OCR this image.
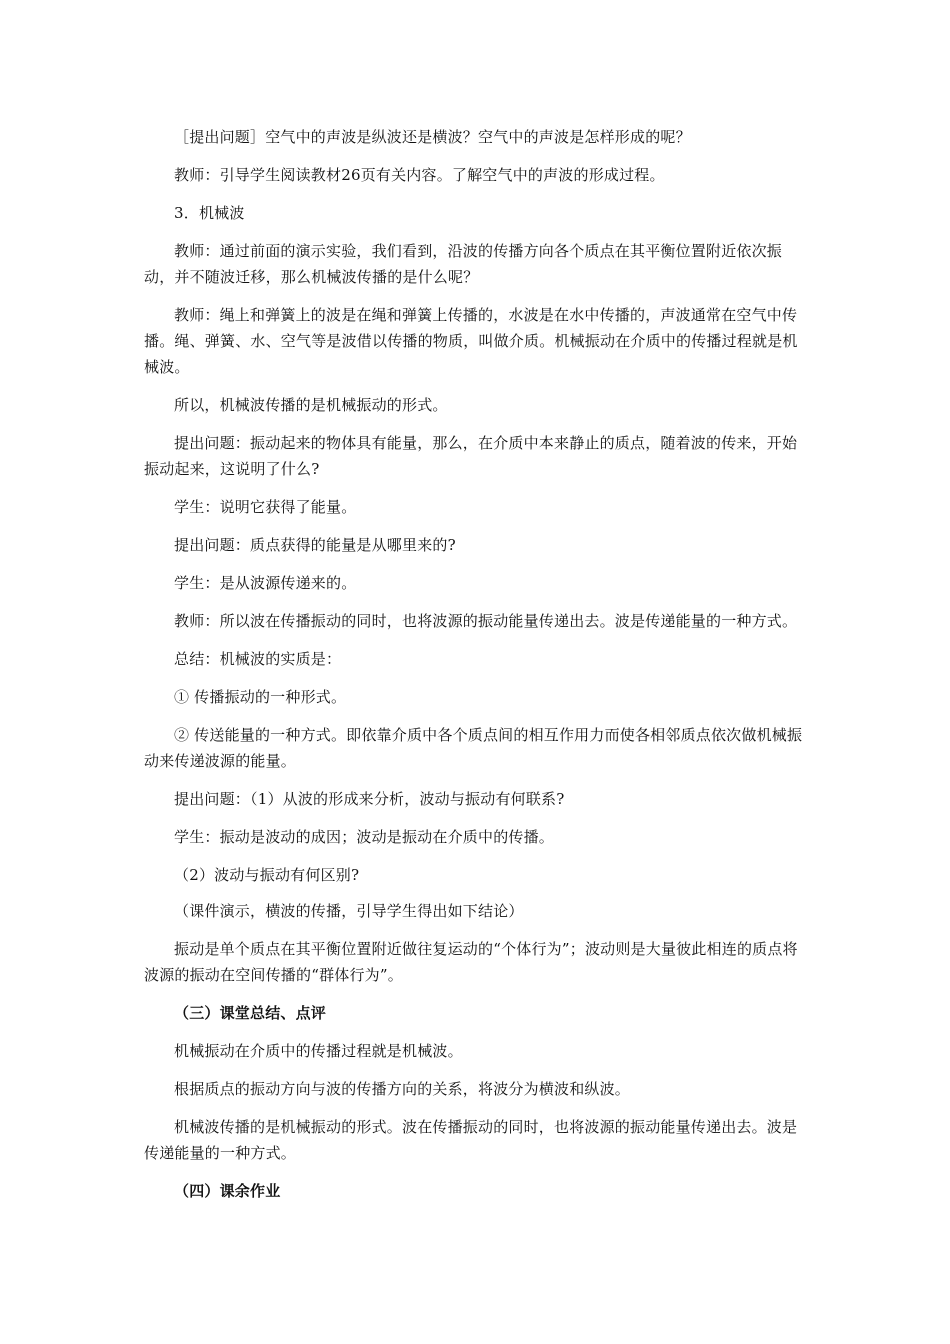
［提出问题］空气中的声波是纵波还是横波？空气中的声波是怎样形成的呢？

教师：引导学生阅读教材26页有关内容。了解空气中的声波的形成过程。

3．机械波

教师：通过前面的演示实验，我们看到，沿波的传播方向各个质点在其平衡位置附近依次振动，并不随波迁移，那么机械波传播的是什么呢？

教师：绳上和弹簧上的波是在绳和弹簧上传播的，水波是在水中传播的，声波通常在空气中传播。绳、弹簧、水、空气等是波借以传播的物质，叫做介质。机械振动在介质中的传播过程就是机械波。

所以，机械波传播的是机械振动的形式。

提出问题：振动起来的物体具有能量，那么，在介质中本来静止的质点，随着波的传来，开始振动起来，这说明了什么?

学生：说明它获得了能量。

提出问题：质点获得的能量是从哪里来的?

学生：是从波源传递来的。

教师：所以波在传播振动的同时，也将波源的振动能量传递出去。波是传递能量的一种方式。

总结：机械波的实质是：

① 传播振动的一种形式。

② 传送能量的一种方式。即依靠介质中各个质点间的相互作用力而使各相邻质点依次做机械振动来传递波源的能量。

提出问题：（1）从波的形成来分析，波动与振动有何联系?

学生：振动是波动的成因；波动是振动在介质中的传播。

（2）波动与振动有何区别?

（课件演示，横波的传播，引导学生得出如下结论）

振动是单个质点在其平衡位置附近做往复运动的“个体行为”；波动则是大量彼此相连的质点将波源的振动在空间传播的“群体行为”。

（三）课堂总结、点评

机械振动在介质中的传播过程就是机械波。

根据质点的振动方向与波的传播方向的关系，将波分为横波和纵波。

机械波传播的是机械振动的形式。波在传播振动的同时，也将波源的振动能量传递出去。波是传递能量的一种方式。

（四）课余作业
